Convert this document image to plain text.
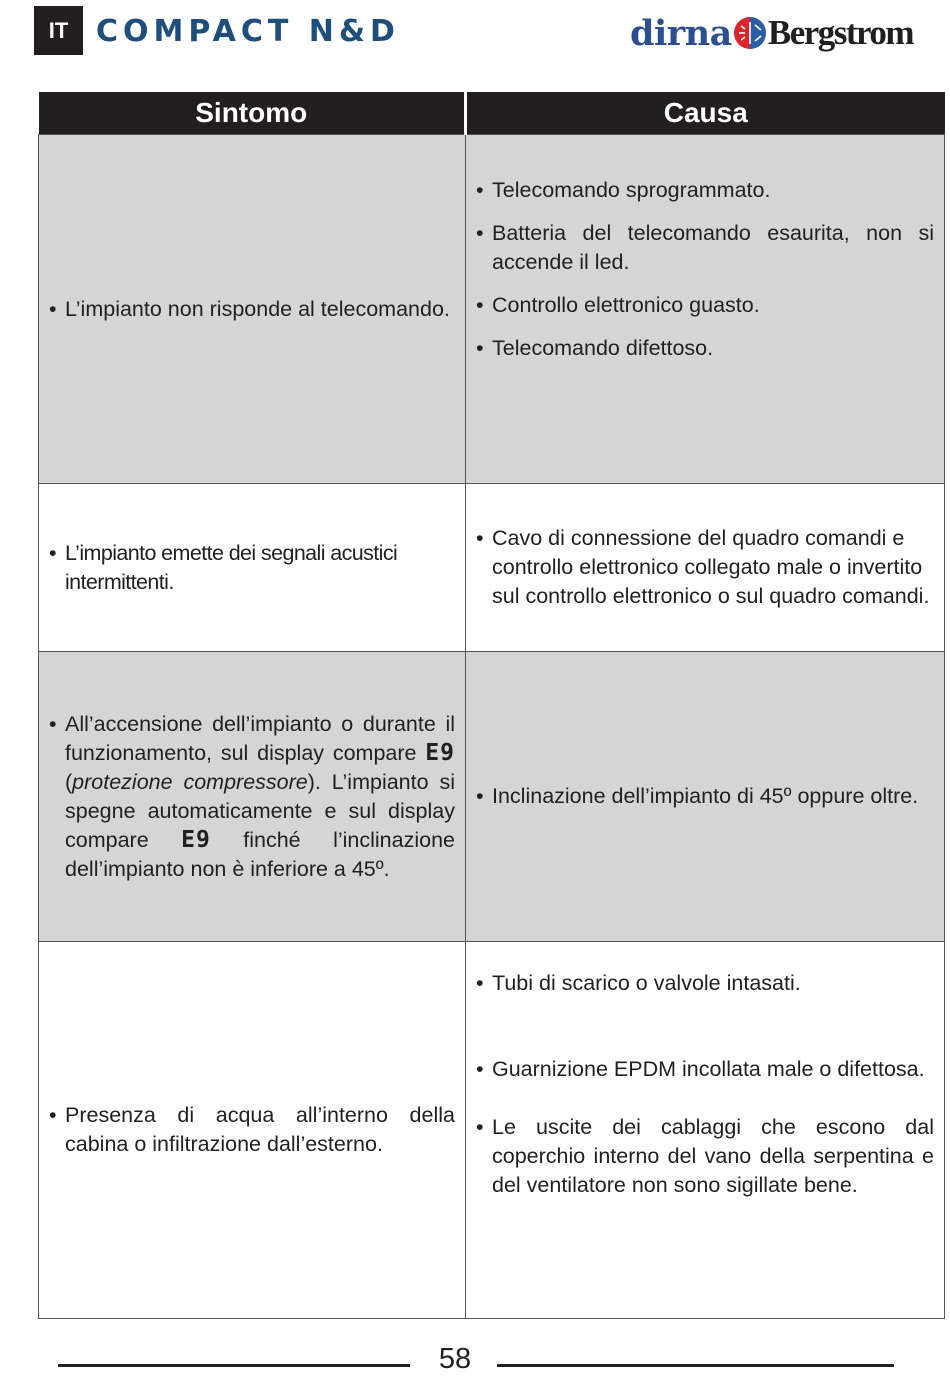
IT COMPACT N&D	dirna Bergstrom
Sintomo	Causa

• L’impianto non risponde al telecomando.	• Telecomando sprogrammato.
• Batteria del telecomando esaurita, non si accende il led.
• Controllo elettronico guasto.
• Telecomando difettoso.

• L’impianto emette dei segnali acustici intermittenti.	• Cavo di connessione del quadro comandi e controllo elettronico collegato male o invertito sul controllo elettronico o sul quadro comandi.

• All’accensione dell’impianto o durante il funzionamento, sul display compare E9 (protezione compressore). L’impianto si spegne automaticamente e sul display compare E9 finché l’inclinazione dell’impianto non è inferiore a 45º.	• Inclinazione dell’impianto di 45º oppure oltre.

• Presenza di acqua all’interno della cabina o infiltrazione dall’esterno.	• Tubi di scarico o valvole intasati.
• Guarnizione EPDM incollata male o difettosa.
• Le uscite dei cablaggi che escono dal coperchio interno del vano della serpentina e del ventilatore non sono sigillate bene.
58
